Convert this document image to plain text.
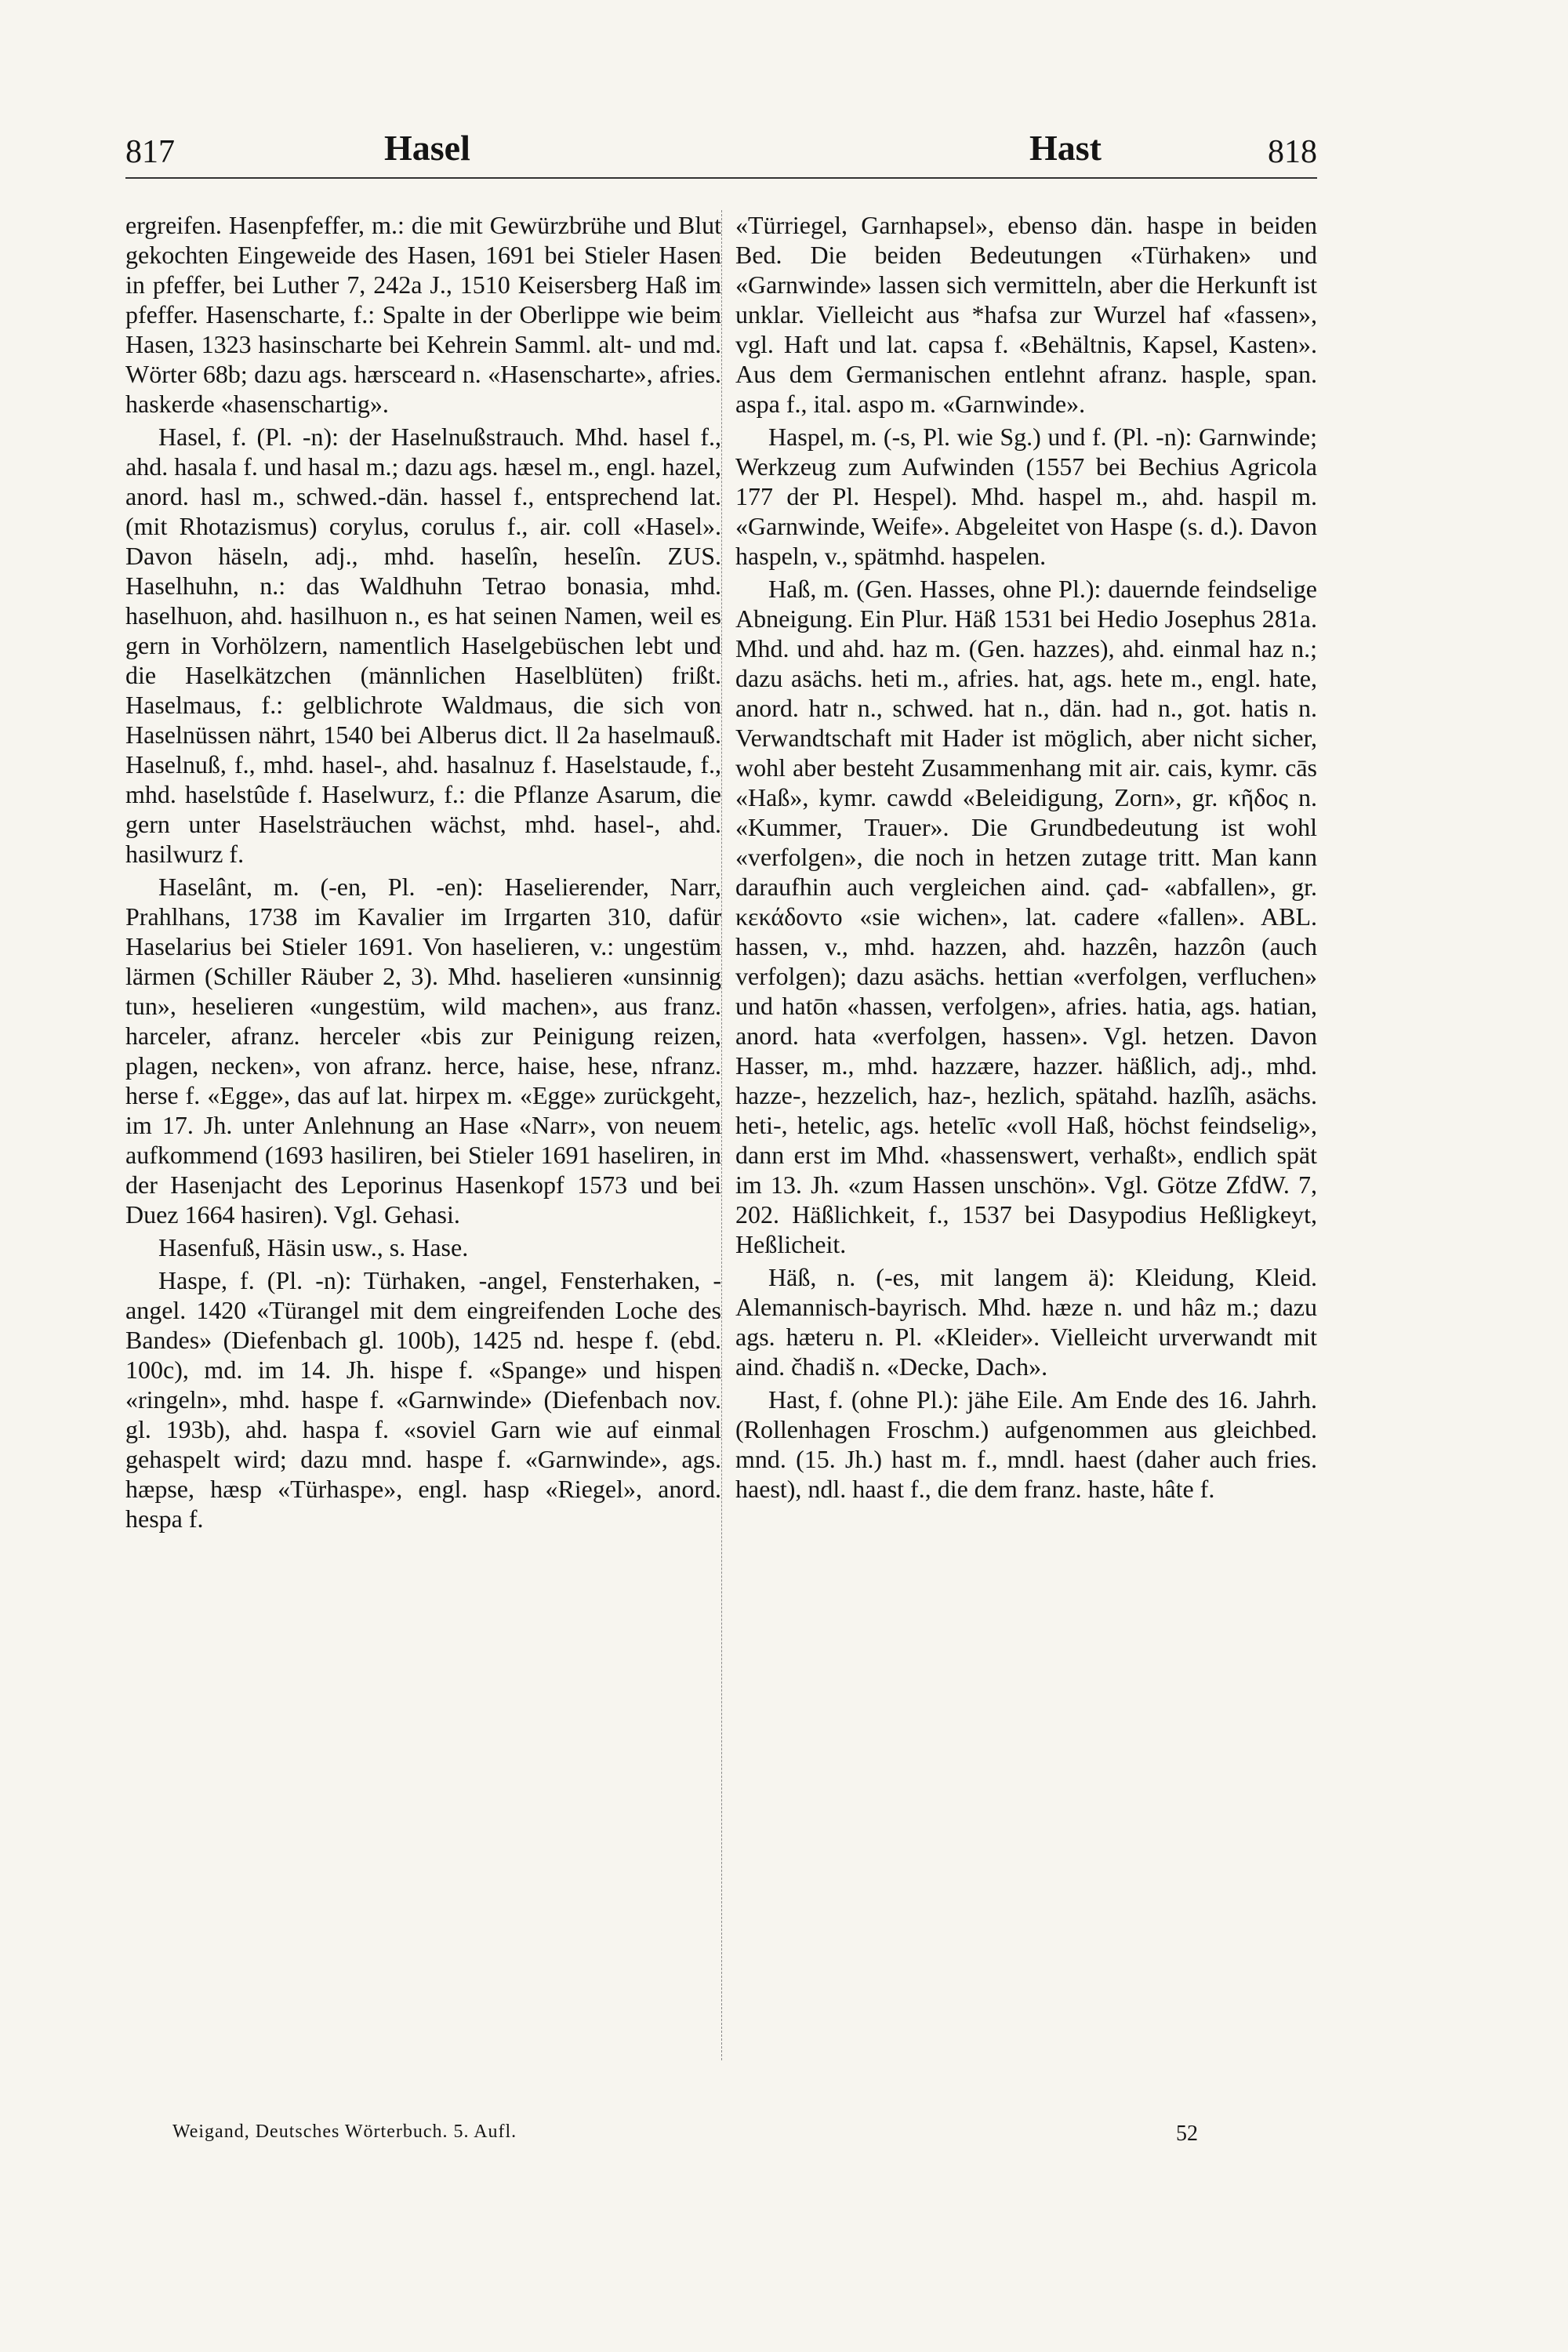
817	Hasel	Hast	818

ergreifen. Hasenpfeffer, m.: die mit Gewürzbrühe und Blut gekochten Eingeweide des Hasen, 1691 bei Stieler Hasen in pfeffer, bei Luther 7, 242a J., 1510 Keisersberg Haß im pfeffer. Hasenscharte, f.: Spalte in der Oberlippe wie beim Hasen, 1323 hasinscharte bei Kehrein Samml. alt- und md. Wörter 68b; dazu ags. hærsceard n. «Hasenscharte», afries. haskerde «hasenschartig».

Hasel, f. (Pl. -n): der Haselnußstrauch. Mhd. hasel f., ahd. hasala f. und hasal m.; dazu ags. hæsel m., engl. hazel, anord. hasl m., schwed.-dän. hassel f., entsprechend lat. (mit Rhotazismus) corylus, corulus f., air. coll «Hasel». Davon häseln, adj., mhd. haselîn, heselîn. ZUS. Haselhuhn, n.: das Waldhuhn Tetrao bonasia, mhd. haselhuon, ahd. hasilhuon n., es hat seinen Namen, weil es gern in Vorhölzern, namentlich Haselgebüschen lebt und die Haselkätzchen (männlichen Haselblüten) frißt. Haselmaus, f.: gelblichrote Waldmaus, die sich von Haselnüssen nährt, 1540 bei Alberus dict. ll 2a haselmauß. Haselnuß, f., mhd. hasel-, ahd. hasalnuz f. Haselstaude, f., mhd. haselstûde f. Haselwurz, f.: die Pflanze Asarum, die gern unter Haselsträuchen wächst, mhd. hasel-, ahd. hasilwurz f.

Haselânt, m. (-en, Pl. -en): Haselierender, Narr, Prahlhans, 1738 im Kavalier im Irrgarten 310, dafür Haselarius bei Stieler 1691. Von haselieren, v.: ungestüm lärmen (Schiller Räuber 2, 3). Mhd. haselieren «unsinnig tun», heselieren «ungestüm, wild machen», aus franz. harceler, afranz. herceler «bis zur Peinigung reizen, plagen, necken», von afranz. herce, haise, hese, nfranz. herse f. «Egge», das auf lat. hirpex m. «Egge» zurückgeht, im 17. Jh. unter Anlehnung an Hase «Narr», von neuem aufkommend (1693 hasiliren, bei Stieler 1691 haseliren, in der Hasenjacht des Leporinus Hasenkopf 1573 und bei Duez 1664 hasiren). Vgl. Gehasi.

Hasenfuß, Häsin usw., s. Hase.

Haspe, f. (Pl. -n): Türhaken, -angel, Fensterhaken, -angel. 1420 «Türangel mit dem eingreifenden Loche des Bandes» (Diefenbach gl. 100b), 1425 nd. hespe f. (ebd. 100c), md. im 14. Jh. hispe f. «Spange» und hispen «ringeln», mhd. haspe f. «Garnwinde» (Diefenbach nov. gl. 193b), ahd. haspa f. «soviel Garn wie auf einmal gehaspelt wird; dazu mnd. haspe f. «Garnwinde», ags. hæpse, hæsp «Türhaspe», engl. hasp «Riegel», anord. hespa f.

«Türriegel, Garnhapsel», ebenso dän. haspe in beiden Bed. Die beiden Bedeutungen «Türhaken» und «Garnwinde» lassen sich vermitteln, aber die Herkunft ist unklar. Vielleicht aus *hafsa zur Wurzel haf «fassen», vgl. Haft und lat. capsa f. «Behältnis, Kapsel, Kasten». Aus dem Germanischen entlehnt afranz. hasple, span. aspa f., ital. aspo m. «Garnwinde».

Haspel, m. (-s, Pl. wie Sg.) und f. (Pl. -n): Garnwinde; Werkzeug zum Aufwinden (1557 bei Bechius Agricola 177 der Pl. Hespel). Mhd. haspel m., ahd. haspil m. «Garnwinde, Weife». Abgeleitet von Haspe (s. d.). Davon haspeln, v., spätmhd. haspelen.

Haß, m. (Gen. Hasses, ohne Pl.): dauernde feindselige Abneigung. Ein Plur. Häß 1531 bei Hedio Josephus 281a. Mhd. und ahd. haz m. (Gen. hazzes), ahd. einmal haz n.; dazu asächs. heti m., afries. hat, ags. hete m., engl. hate, anord. hatr n., schwed. hat n., dän. had n., got. hatis n. Verwandtschaft mit Hader ist möglich, aber nicht sicher, wohl aber besteht Zusammenhang mit air. cais, kymr. cās «Haß», kymr. cawdd «Beleidigung, Zorn», gr. κῆδος n. «Kummer, Trauer». Die Grundbedeutung ist wohl «verfolgen», die noch in hetzen zutage tritt. Man kann daraufhin auch vergleichen aind. çad- «abfallen», gr. κεκάδοντο «sie wichen», lat. cadere «fallen». ABL. hassen, v., mhd. hazzen, ahd. hazzên, hazzôn (auch verfolgen); dazu asächs. hettian «verfolgen, verfluchen» und hatōn «hassen, verfolgen», afries. hatia, ags. hatian, anord. hata «verfolgen, hassen». Vgl. hetzen. Davon Hasser, m., mhd. hazzære, hazzer. häßlich, adj., mhd. hazze-, hezzelich, haz-, hezlich, spätahd. hazlîh, asächs. heti-, hetelic, ags. hetelīc «voll Haß, höchst feindselig», dann erst im Mhd. «hassenswert, verhaßt», endlich spät im 13. Jh. «zum Hassen unschön». Vgl. Götze ZfdW. 7, 202. Häßlichkeit, f., 1537 bei Dasypodius Heßligkeyt, Heßlicheit.

Häß, n. (-es, mit langem ä): Kleidung, Kleid. Alemannisch-bayrisch. Mhd. hæze n. und hâz m.; dazu ags. hæteru n. Pl. «Kleider». Vielleicht urverwandt mit aind. čhadiš n. «Decke, Dach».

Hast, f. (ohne Pl.): jähe Eile. Am Ende des 16. Jahrh. (Rollenhagen Froschm.) aufgenommen aus gleichbed. mnd. (15. Jh.) hast m. f., mndl. haest (daher auch fries. haest), ndl. haast f., die dem franz. haste, hâte f.

Weigand, Deutsches Wörterbuch. 5. Aufl.	52
